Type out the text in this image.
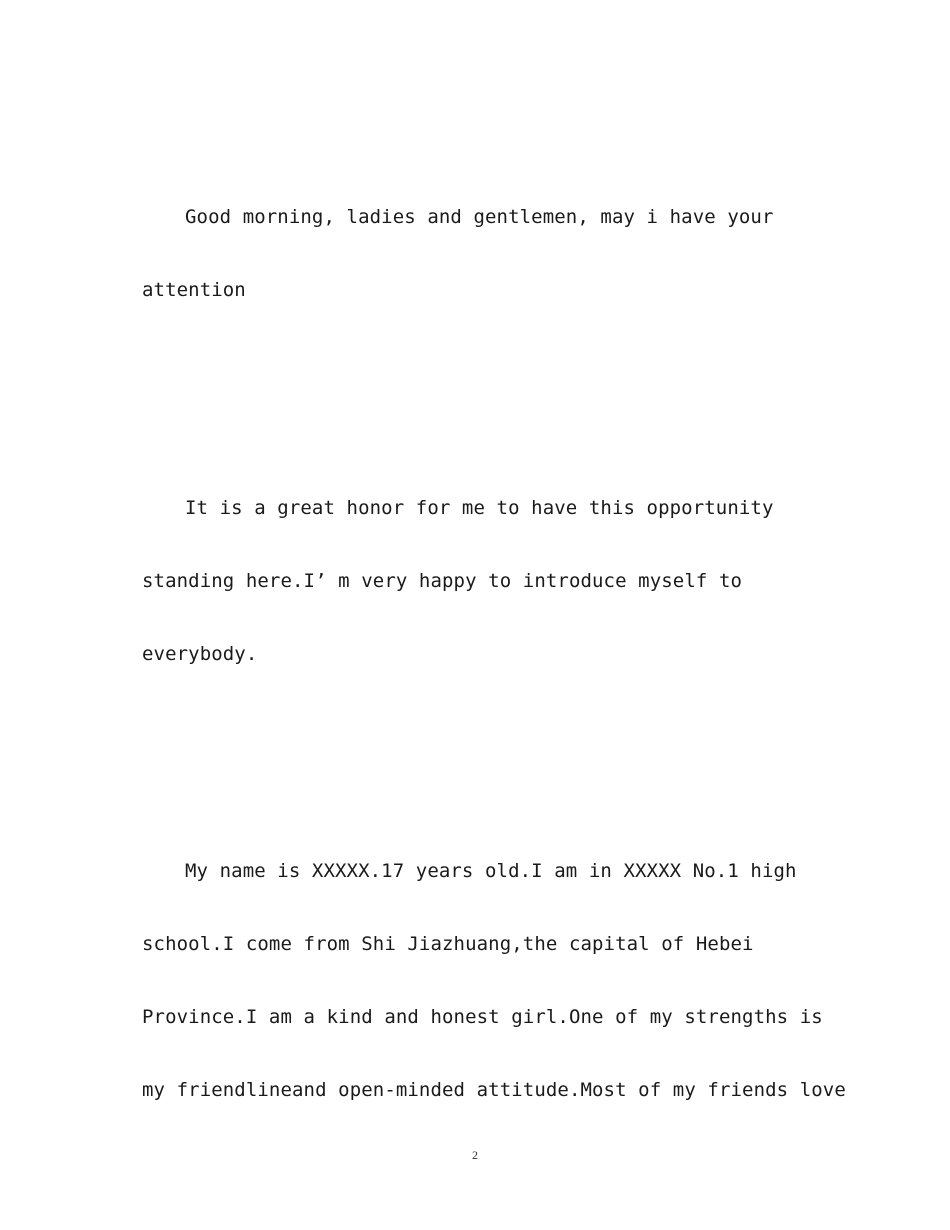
Good morning, ladies and gentlemen, may i have your

attention

It is a great honor for me to have this opportunity

standing here.I’ m very happy to introduce myself to

everybody.

My name is XXXXX.17 years old.I am in XXXXX No.1 high

school.I come from Shi Jiazhuang,the capital of Hebei

Province.I am a kind and honest girl.One of my strengths is

my friendlineand open-minded attitude.Most of my friends love

2
